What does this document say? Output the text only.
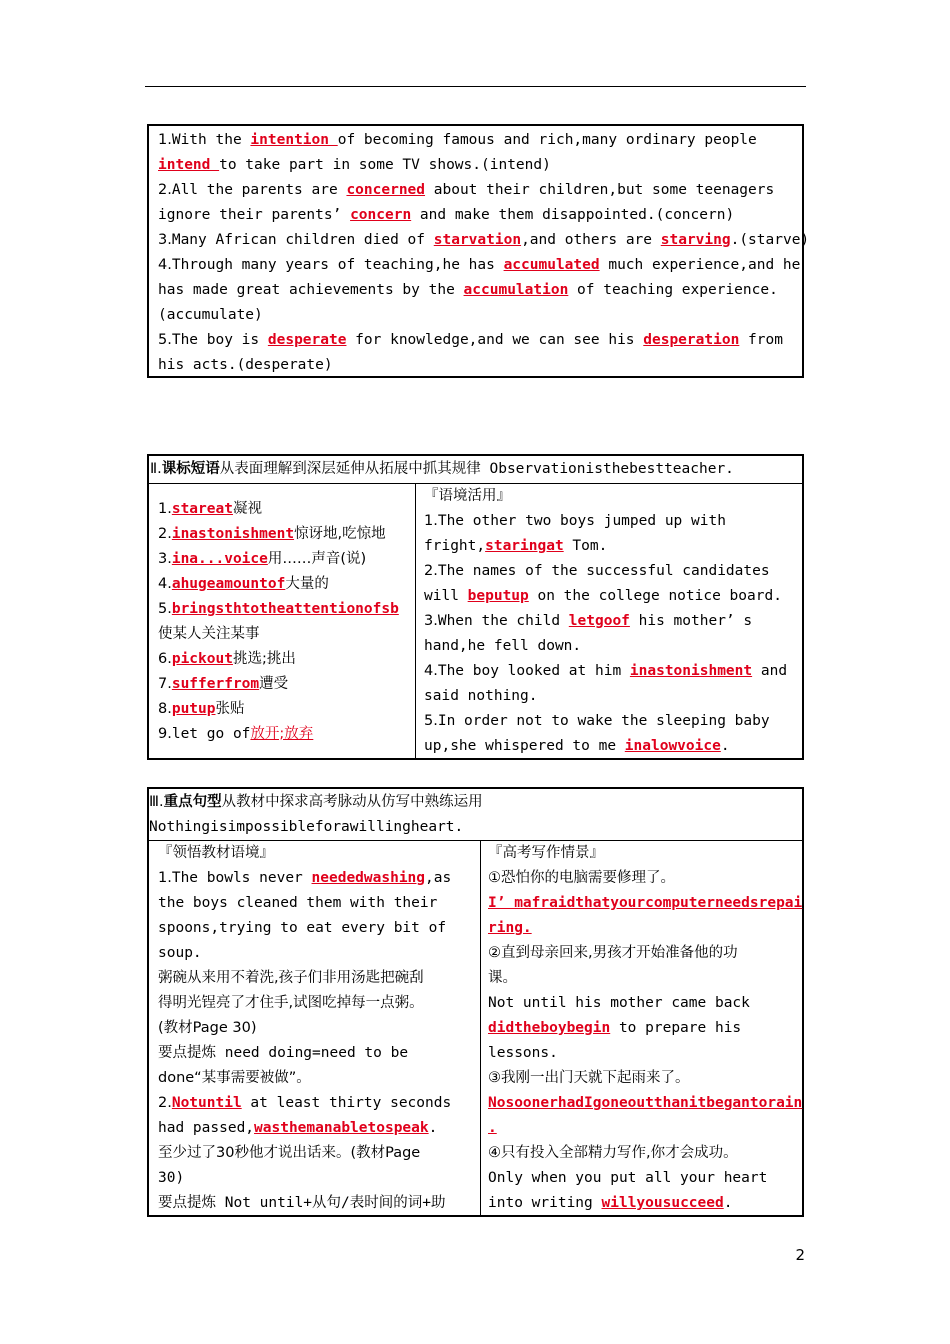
1.With the intention of becoming famous and rich,many ordinary people
intend to take part in some TV shows.(intend)
2.All the parents are concerned about their children,but some teenagers
ignore their parents’ concern and make them disappointed.(concern)
3.Many African children died of starvation,and others are starving.(starve)
4.Through many years of teaching,he has accumulated much experience,and he
has made great achievements by the accumulation of teaching experience.
(accumulate)
5.The boy is desperate for knowledge,and we can see his desperation from
his acts.(desperate)
Ⅱ.课标短语从表面理解到深层延伸从拓展中抓其规律 Observationisthebestteacher.
1.stareat凝视
2.inastonishment惊讶地,吃惊地
3.ina...voice用……声音(说)
4.ahugeamountof大量的
5.bringsthtotheattentionofsb
使某人关注某事
6.pickout挑选;挑出
7.sufferfrom遭受
8.putup张贴
9.let go of放开;放弃
『语境活用』
1.The other two boys jumped up with
fright,staringat Tom.
2.The names of the successful candidates
will beputup on the college notice board.
3.When the child letgoof his mother’ s
hand,he fell down.
4.The boy looked at him inastonishment and
said nothing.
5.In order not to wake the sleeping baby
up,she whispered to me inalowvoice.
Ⅲ.重点句型从教材中探求高考脉动从仿写中熟练运用
Nothingisimpossibleforawillingheart.
『领悟教材语境』
1.The bowls never neededwashing,as
the boys cleaned them with their
spoons,trying to eat every bit of
soup.
粥碗从来用不着洗,孩子们非用汤匙把碗刮
得明光锃亮了才住手,试图吃掉每一点粥。
(教材Page 30)
要点提炼 need doing=need to be
done“某事需要被做”。
2.Notuntil at least thirty seconds
had passed,wasthemanabletospeak.
至少过了30秒他才说出话来。(教材Page
30)
要点提炼 Not until+从句/表时间的词+助
『高考写作情景』
①恐怕你的电脑需要修理了。
I’ mafraidthatyourcomputerneedsrepai
ring.
②直到母亲回来,男孩才开始准备他的功
课。
Not until his mother came back
didtheboybegin to prepare his
lessons.
③我刚一出门天就下起雨来了。
NosoonerhadIgoneoutthanitbegantorain
.
④只有投入全部精力写作,你才会成功。
Only when you put all your heart
into writing willyousucceed.
2
